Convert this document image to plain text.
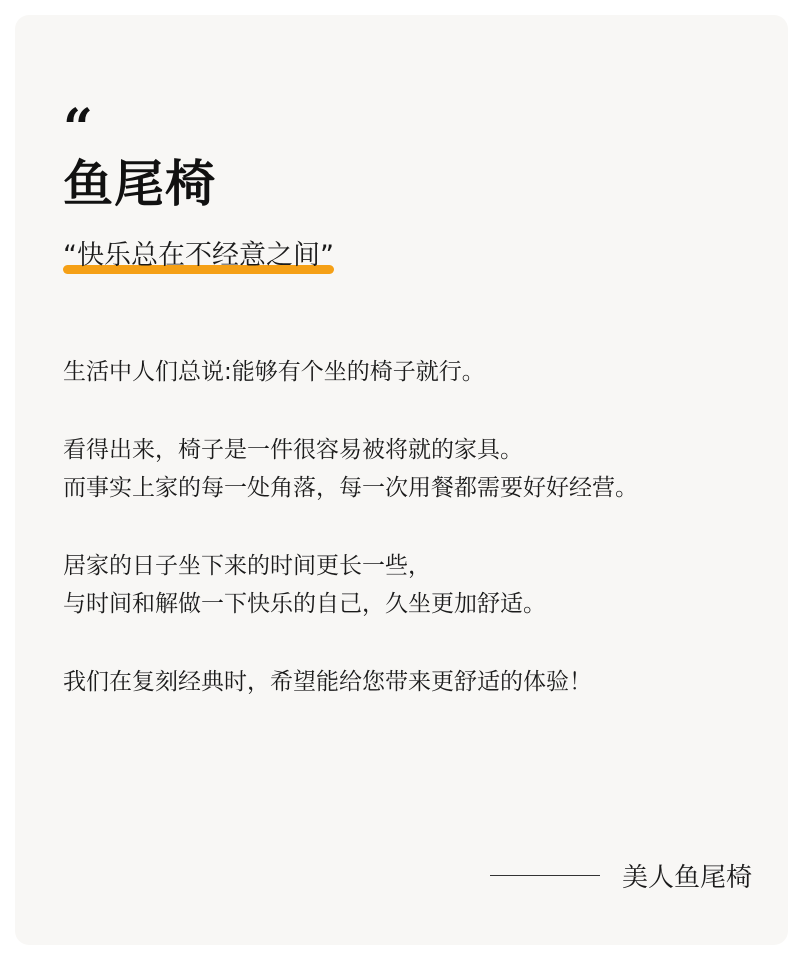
“
鱼尾椅
“快乐总在不经意之间”
生活中人们总说:能够有个坐的椅子就行。
看得出来，椅子是一件很容易被将就的家具。
而事实上家的每一处角落，每一次用餐都需要好好经营。
居家的日子坐下来的时间更长一些，
与时间和解做一下快乐的自己，久坐更加舒适。
我们在复刻经典时，希望能给您带来更舒适的体验！
美人鱼尾椅
